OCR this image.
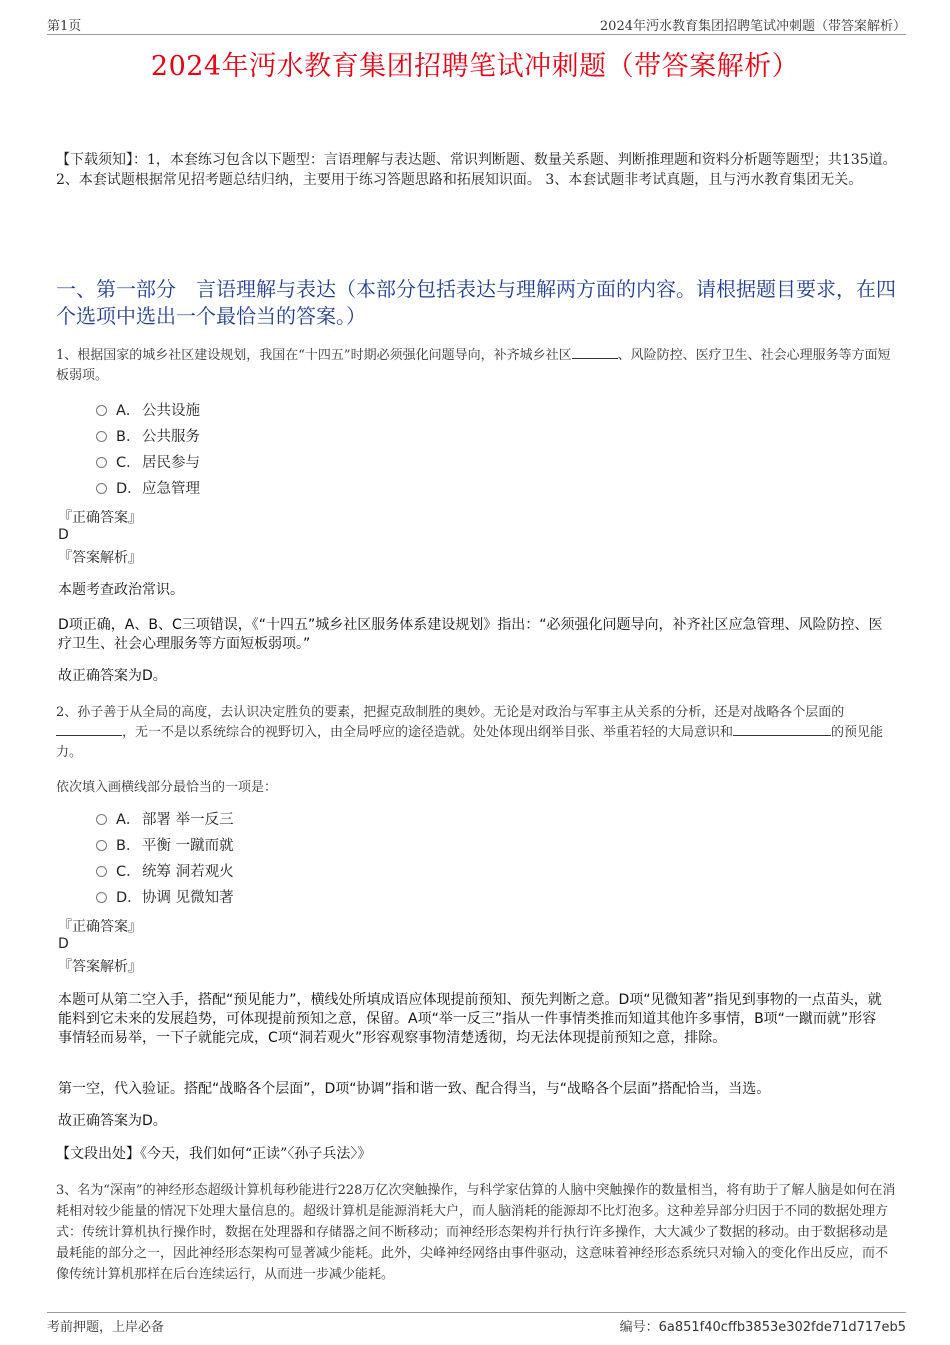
第1页	2024年沔水教育集团招聘笔试冲刺题（带答案解析）
2024年沔水教育集团招聘笔试冲刺题（带答案解析）
【下载须知】：1，本套练习包含以下题型：言语理解与表达题、常识判断题、数量关系题、判断推理题和资料分析题等题型；共135道。 2、本套试题根据常见招考题总结归纳，主要用于练习答题思路和拓展知识面。 3、本套试题非考试真题，且与沔水教育集团无关。
一、第一部分　言语理解与表达（本部分包括表达与理解两方面的内容。请根据题目要求，在四个选项中选出一个最恰当的答案。）
1、根据国家的城乡社区建设规划，我国在“十四五”时期必须强化问题导向，补齐城乡社区	、风险防控、医疗卫生、社会心理服务等方面短板弱项。
A． 公共设施
B． 公共服务
C．居民参与
D．应急管理
『正确答案』
D
『答案解析』
本题考查政治常识。
D项正确，A、B、C三项错误，《“十四五”城乡社区服务体系建设规划》指出：“必须强化问题导向，补齐社区应急管理、风险防控、医疗卫生、社会心理服务等方面短板弱项。”
故正确答案为D。
2、孙子善于从全局的高度，去认识决定胜负的要素，把握克敌制胜的奥妙。无论是对政治与军事主从关系的分析，还是对战略各个层面的
，无一不是以系统综合的视野切入，由全局呼应的途径造就。处处体现出纲举目张、举重若轻的大局意识和	的预见能力。
依次填入画横线部分最恰当的一项是：
A． 部署 举一反三
B． 平衡 一蹴而就
C．统筹 洞若观火
D．协调 见微知著
『正确答案』
D
『答案解析』
本题可从第二空入手，搭配“预见能力”，横线处所填成语应体现提前预知、预先判断之意。D项“见微知著”指见到事物的一点苗头，就能料到它未来的发展趋势，可体现提前预知之意，保留。A项“举一反三”指从一件事情类推而知道其他许多事情，B项“一蹴而就”形容事情轻而易举，一下子就能完成，C项“洞若观火”形容观察事物清楚透彻，均无法体现提前预知之意，排除。
第一空，代入验证。搭配“战略各个层面”，D项“协调”指和谐一致、配合得当，与“战略各个层面”搭配恰当，当选。
故正确答案为D。
【文段出处】《今天，我们如何“正读”〈孙子兵法〉》
3、名为“深南”的神经形态超级计算机每秒能进行228万亿次突触操作，与科学家估算的人脑中突触操作的数量相当，将有助于了解人脑是如何在消耗相对较少能量的情况下处理大量信息的。超级计算机是能源消耗大户，而人脑消耗的能源却不比灯泡多。这种差异部分归因于不同的数据处理方式：传统计算机执行操作时，数据在处理器和存储器之间不断移动；而神经形态架构并行执行许多操作，大大减少了数据的移动。由于数据移动是最耗能的部分之一，因此神经形态架构可显著减少能耗。此外，尖峰神经网络由事件驱动，这意味着神经形态系统只对输入的变化作出反应，而不像传统计算机那样在后台连续运行，从而进一步减少能耗。
考前押题，上岸必备	编号：6a851f40cffb3853e302fde71d717eb5
